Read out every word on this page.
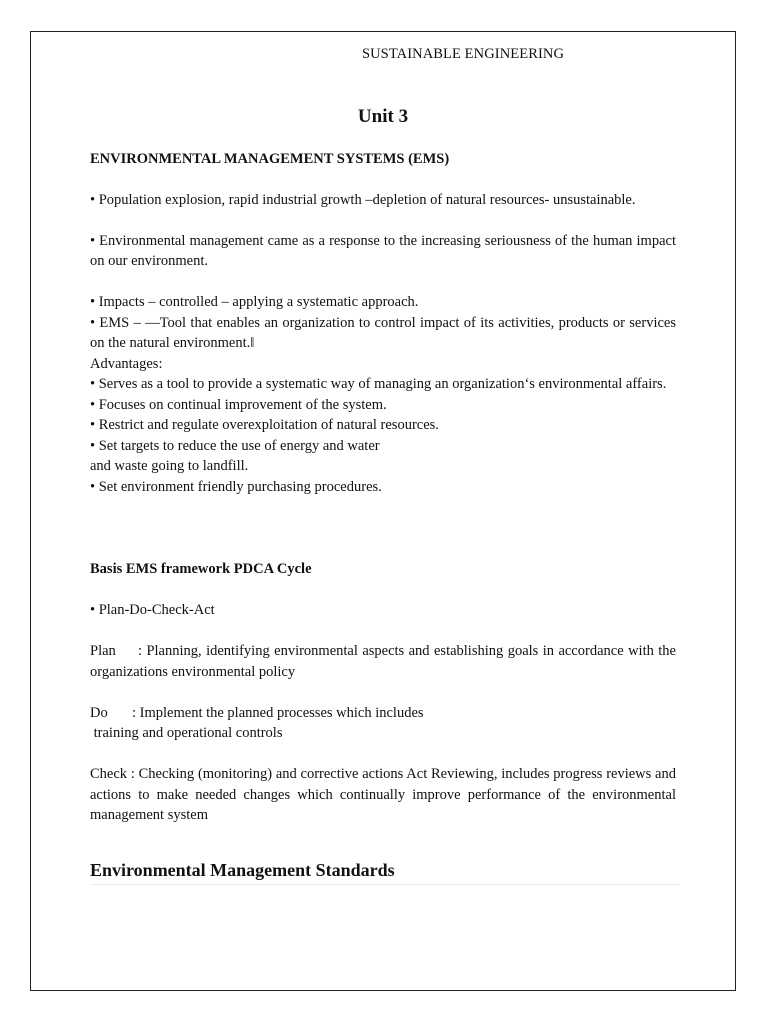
SUSTAINABLE ENGINEERING
Unit 3
ENVIRONMENTAL MANAGEMENT SYSTEMS (EMS)

• Population explosion, rapid industrial growth –depletion of natural resources- unsustainable.

• Environmental management came as a response to the increasing seriousness of the human impact on our environment.

• Impacts – controlled – applying a systematic approach.

• EMS – ―Tool that enables an organization to control impact of its activities, products or services on the natural environment.‖

Advantages:

• Serves as a tool to provide a systematic way of managing an organization‘s environmental affairs.

• Focuses on continual improvement of the system.

• Restrict and regulate overexploitation of natural resources.

• Set targets to reduce the use of energy and water

and waste going to landfill.

• Set environment friendly purchasing procedures.

Basis EMS framework PDCA Cycle

• Plan-Do-Check-Act

Plan : Planning, identifying environmental aspects and establishing goals in accordance with the organizations environmental policy

Do : Implement the planned processes which includes

training and operational controls

Check : Checking (monitoring) and corrective actions Act Reviewing, includes progress reviews and actions to make needed changes which continually improve performance of the environmental management system

Environmental Management Standards
